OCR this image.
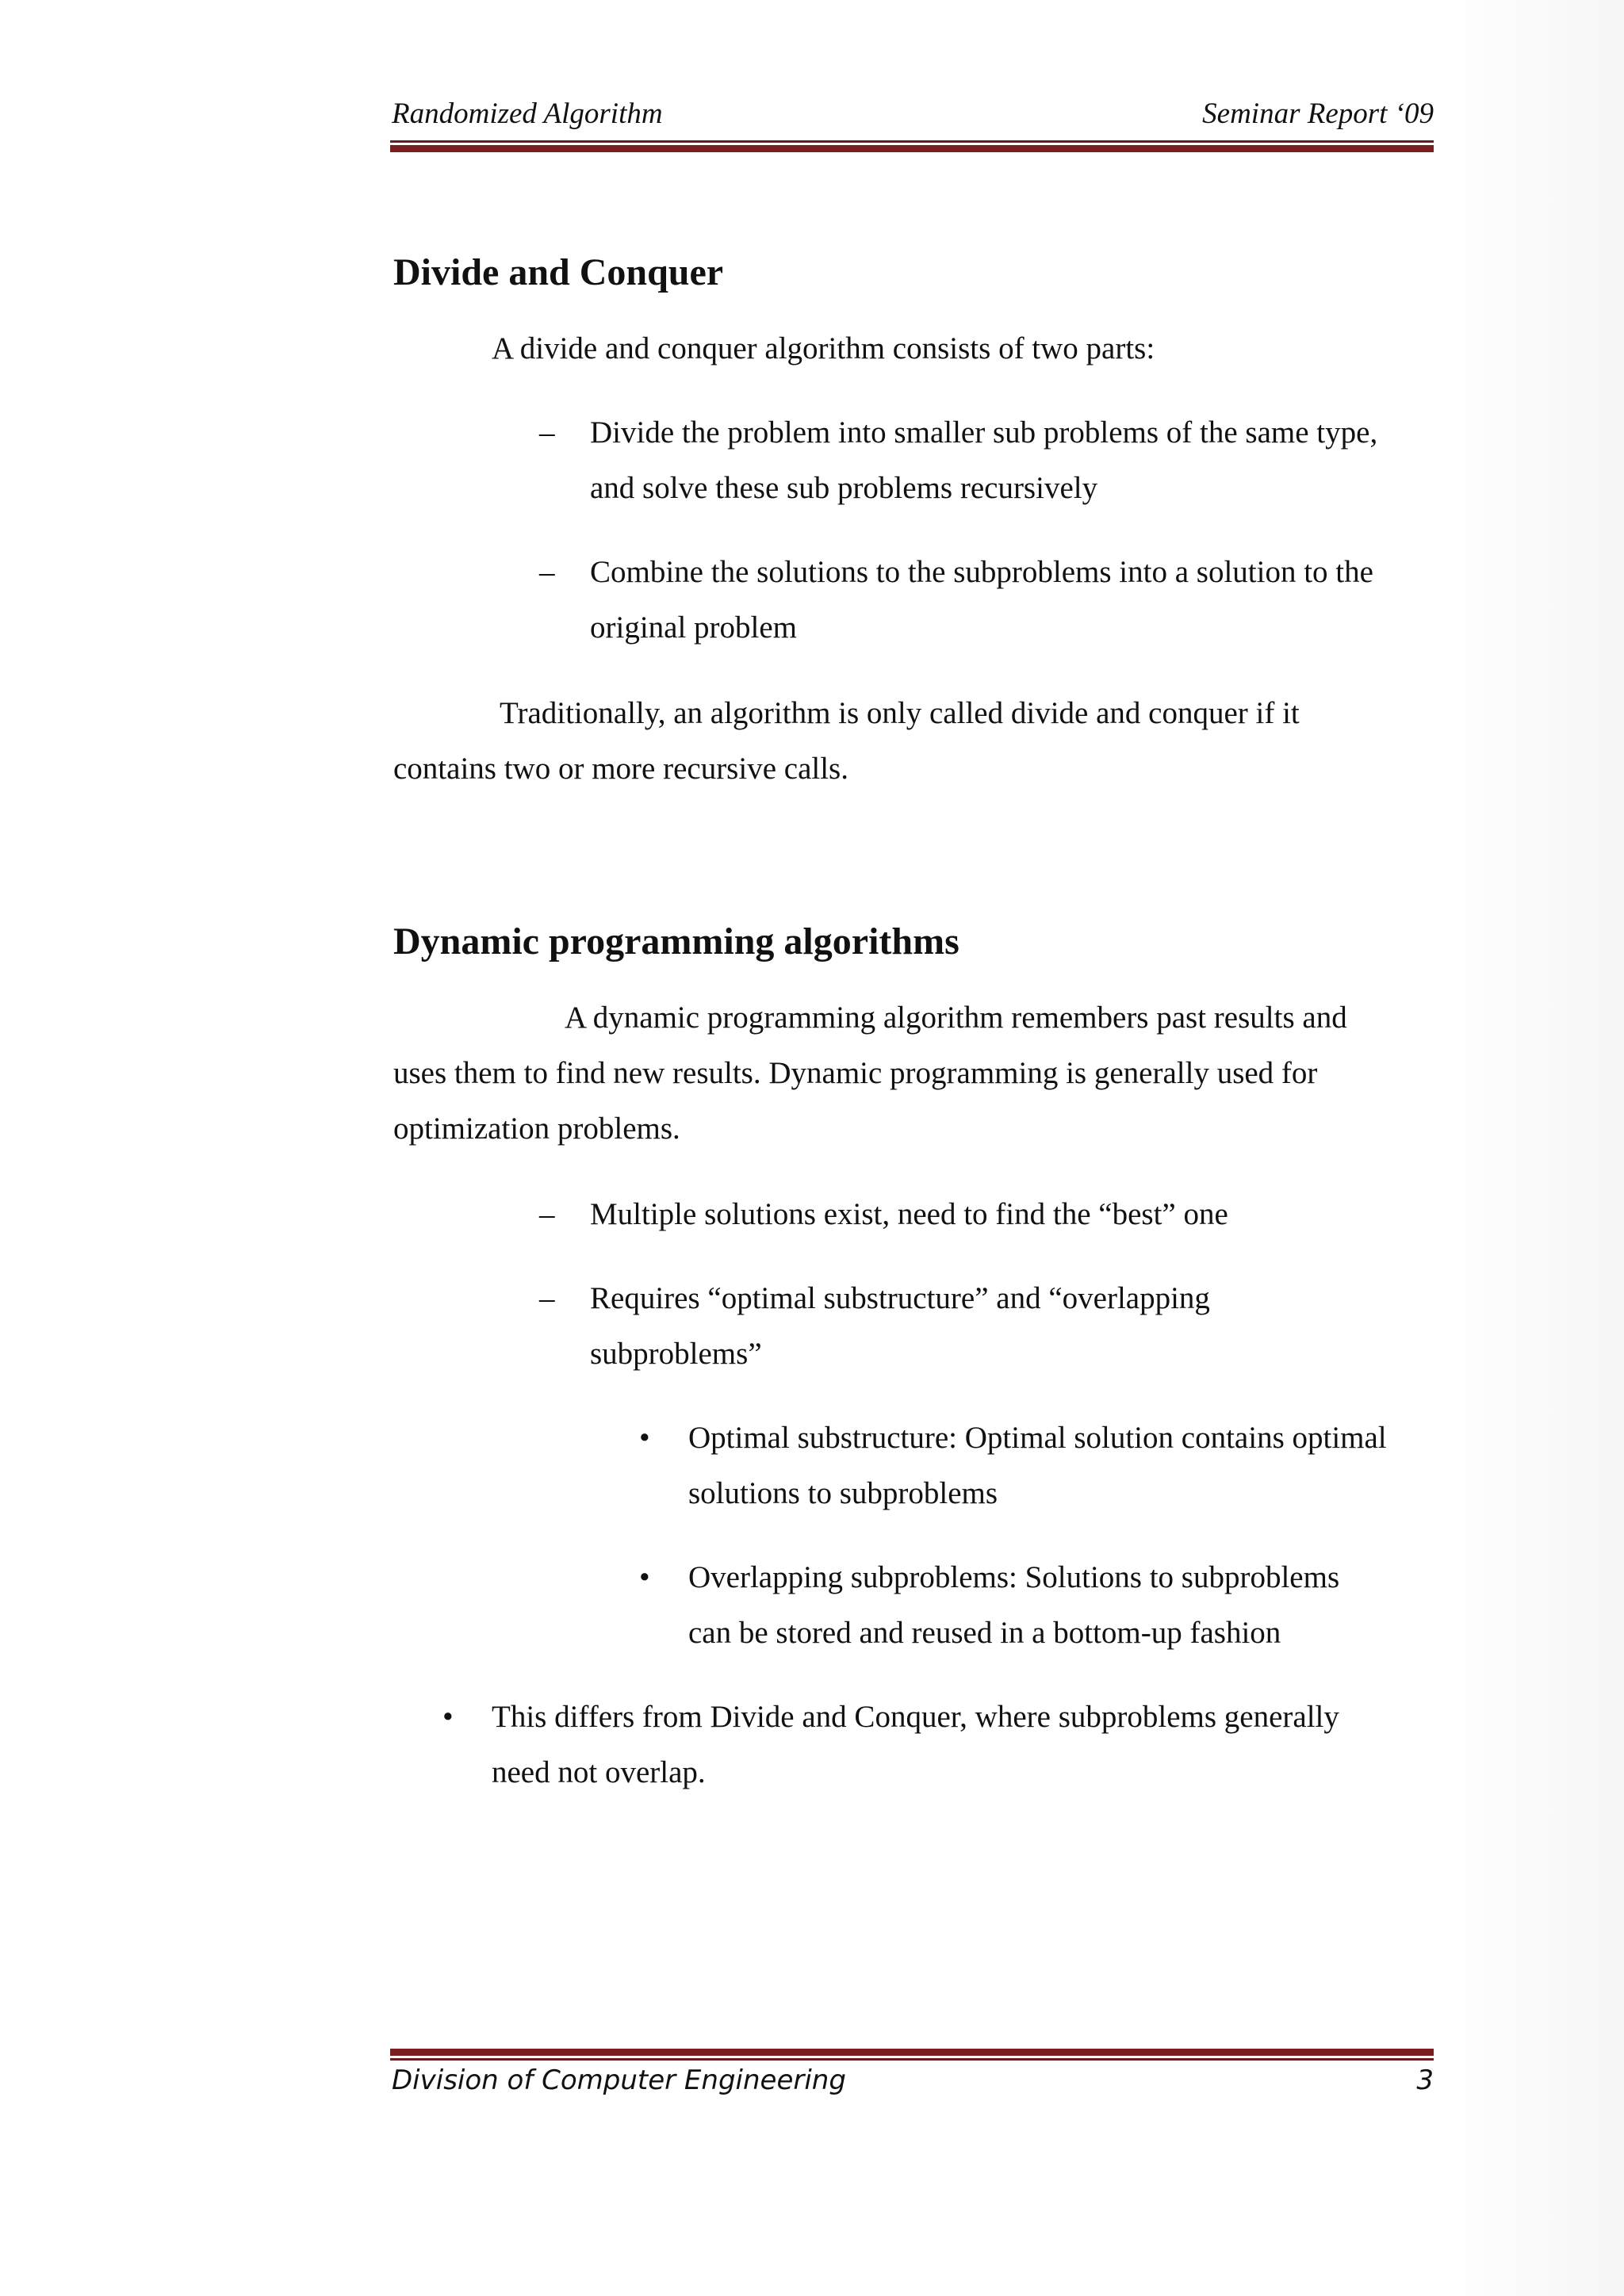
Randomized Algorithm	Seminar Report ‘09
Divide and Conquer
A divide and conquer algorithm consists of two parts:
– Divide the problem into smaller sub problems of the same type,
and solve these sub problems recursively
– Combine the solutions to the subproblems into a solution to the
original problem
Traditionally, an algorithm is only called divide and conquer if it
contains two or more recursive calls.
Dynamic programming algorithms
A dynamic programming algorithm remembers past results and
uses them to find new results. Dynamic programming is generally used for
optimization problems.
– Multiple solutions exist, need to find the “best” one
– Requires “optimal substructure” and “overlapping
subproblems”
• Optimal substructure: Optimal solution contains optimal
solutions to subproblems
• Overlapping subproblems: Solutions to subproblems
can be stored and reused in a bottom-up fashion
• This differs from Divide and Conquer, where subproblems generally
need not overlap.
Division of Computer Engineering	3
